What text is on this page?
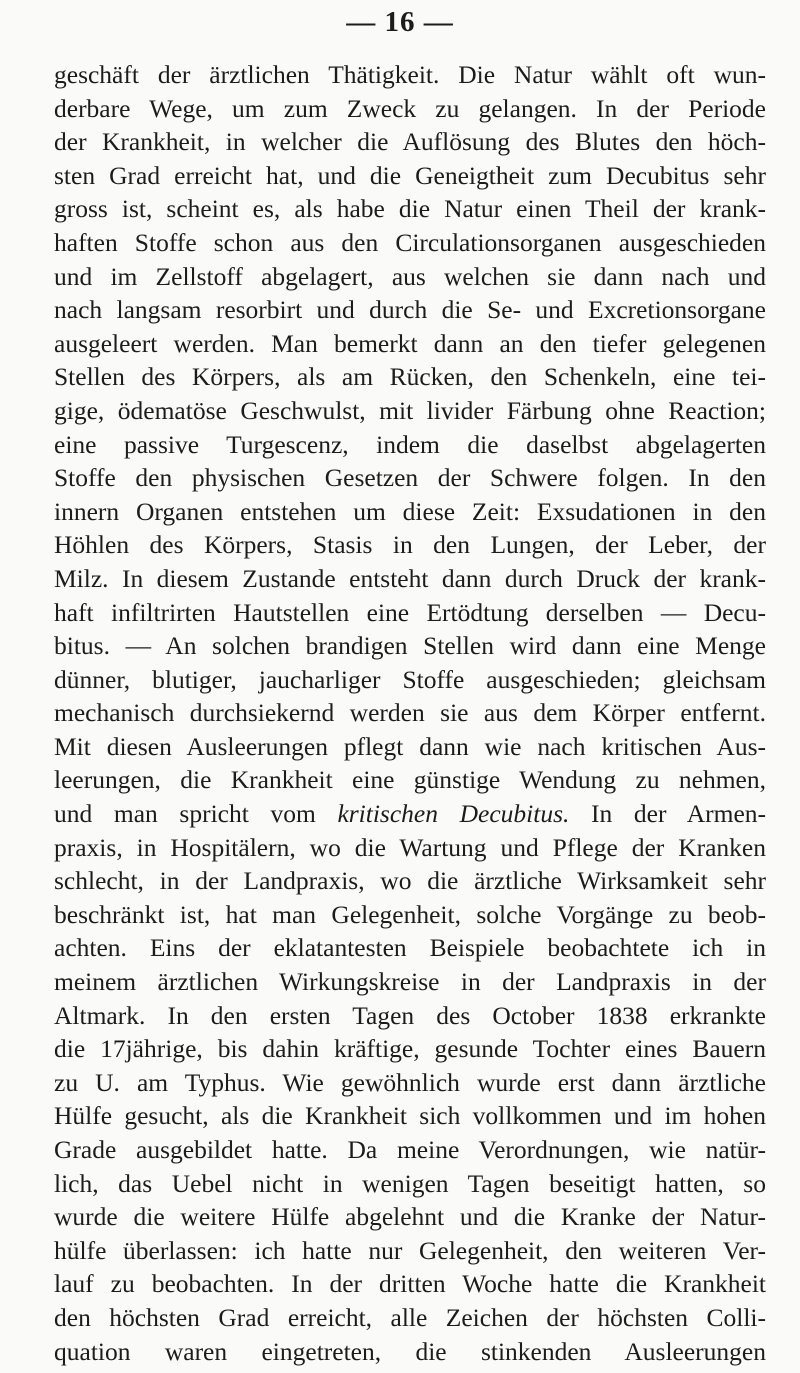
— 16 —
geschäft der ärztlichen Thätigkeit. Die Natur wählt oft wun-
derbare Wege, um zum Zweck zu gelangen. In der Periode
der Krankheit, in welcher die Auflösung des Blutes den höch-
sten Grad erreicht hat, und die Geneigtheit zum Decubitus sehr
gross ist, scheint es, als habe die Natur einen Theil der krank-
haften Stoffe schon aus den Circulationsorganen ausgeschieden
und im Zellstoff abgelagert, aus welchen sie dann nach und
nach langsam resorbirt und durch die Se- und Excretionsorgane
ausgeleert werden. Man bemerkt dann an den tiefer gelegenen
Stellen des Körpers, als am Rücken, den Schenkeln, eine tei-
gige, ödematöse Geschwulst, mit livider Färbung ohne Reaction;
eine passive Turgescenz, indem die daselbst abgelagerten
Stoffe den physischen Gesetzen der Schwere folgen. In den
innern Organen entstehen um diese Zeit: Exsudationen in den
Höhlen des Körpers, Stasis in den Lungen, der Leber, der
Milz. In diesem Zustande entsteht dann durch Druck der krank-
haft infiltrirten Hautstellen eine Ertödtung derselben — Decu-
bitus. — An solchen brandigen Stellen wird dann eine Menge
dünner, blutiger, jaucharliger Stoffe ausgeschieden; gleichsam
mechanisch durchsiekernd werden sie aus dem Körper entfernt.
Mit diesen Ausleerungen pflegt dann wie nach kritischen Aus-
leerungen, die Krankheit eine günstige Wendung zu nehmen,
und man spricht vom kritischen Decubitus. In der Armen-
praxis, in Hospitälern, wo die Wartung und Pflege der Kranken
schlecht, in der Landpraxis, wo die ärztliche Wirksamkeit sehr
beschränkt ist, hat man Gelegenheit, solche Vorgänge zu beob-
achten. Eins der eklatantesten Beispiele beobachtete ich in
meinem ärztlichen Wirkungskreise in der Landpraxis in der
Altmark. In den ersten Tagen des October 1838 erkrankte
die 17jährige, bis dahin kräftige, gesunde Tochter eines Bauern
zu U. am Typhus. Wie gewöhnlich wurde erst dann ärztliche
Hülfe gesucht, als die Krankheit sich vollkommen und im hohen
Grade ausgebildet hatte. Da meine Verordnungen, wie natür-
lich, das Uebel nicht in wenigen Tagen beseitigt hatten, so
wurde die weitere Hülfe abgelehnt und die Kranke der Natur-
hülfe überlassen: ich hatte nur Gelegenheit, den weiteren Ver-
lauf zu beobachten. In der dritten Woche hatte die Krankheit
den höchsten Grad erreicht, alle Zeichen der höchsten Colli-
quation waren eingetreten, die stinkenden Ausleerungen
